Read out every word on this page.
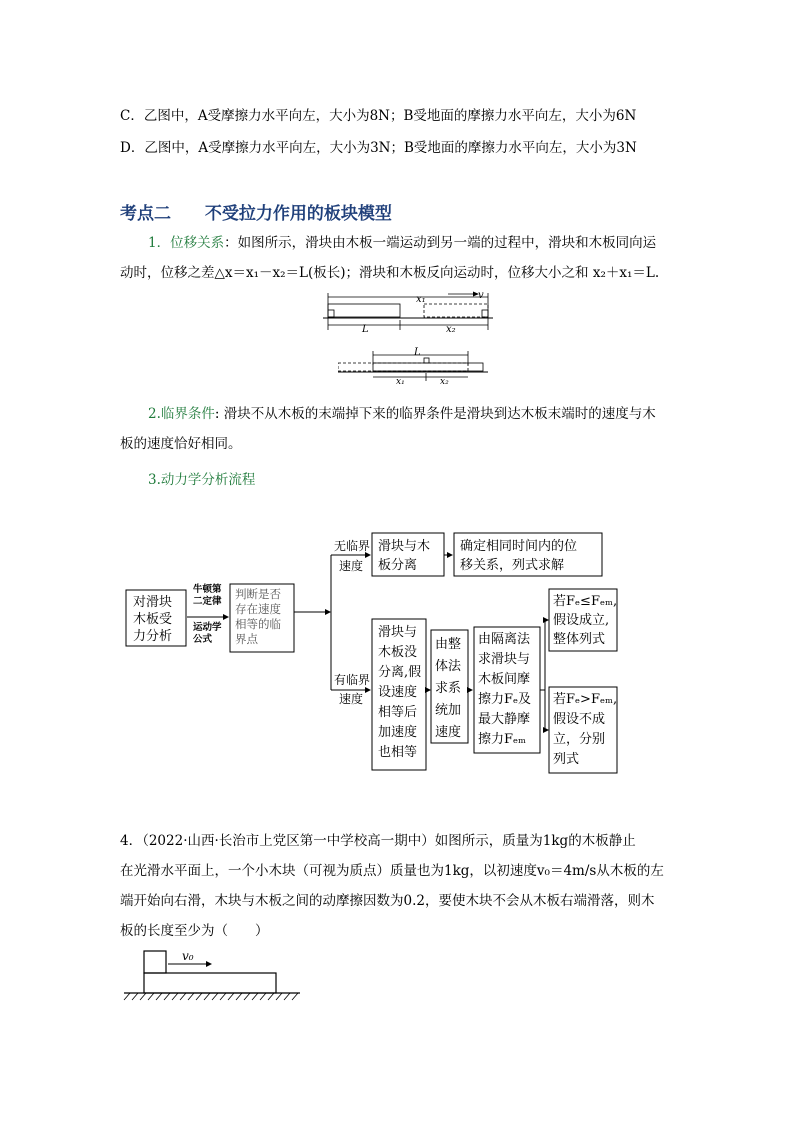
C．乙图中，A受摩擦力水平向左，大小为8N；B受地面的摩擦力水平向左，大小为6N
D．乙图中，A受摩擦力水平向左，大小为3N；B受地面的摩擦力水平向左，大小为3N
考点二 不受拉力作用的板块模型
1．位移关系：如图所示，滑块由木板一端运动到另一端的过程中，滑块和木板同向运
动时，位移之差△x＝x₁－x₂＝L(板长)；滑块和木板反向运动时，位移大小之和 x₂＋x₁＝L.
x₁	v
L	x₂
L
x₁	x₂
2.临界条件: 滑块不从木板的末端掉下来的临界条件是滑块到达木板末端时的速度与木
板的速度恰好相同。
3.动力学分析流程
对滑块
木板受
力分析
牛顿第
二定律
运动学
公式
判断是否
存在速度
相等的临
界点
无临界
速度
有临界
速度
滑块与木
板分离
确定相同时间内的位
移关系，列式求解
滑块与
木板没
分离,假
设速度
相等后
加速度
也相等
由整
体法
求系
统加
速度
由隔离法
求滑块与
木板间摩
擦力Fₑ及
最大静摩
擦力Fₑₘ
若Fₑ≤Fₑₘ,
假设成立,
整体列式
若Fₑ>Fₑₘ,
假设不成
立，分别
列式
4．（2022·山西·长治市上党区第一中学校高一期中）如图所示，质量为1kg的木板静止
在光滑水平面上，一个小木块（可视为质点）质量也为1kg，以初速度v₀＝4m/s从木板的左
端开始向右滑，木块与木板之间的动摩擦因数为0.2，要使木块不会从木板右端滑落，则木
板的长度至少为（　　）
v₀
